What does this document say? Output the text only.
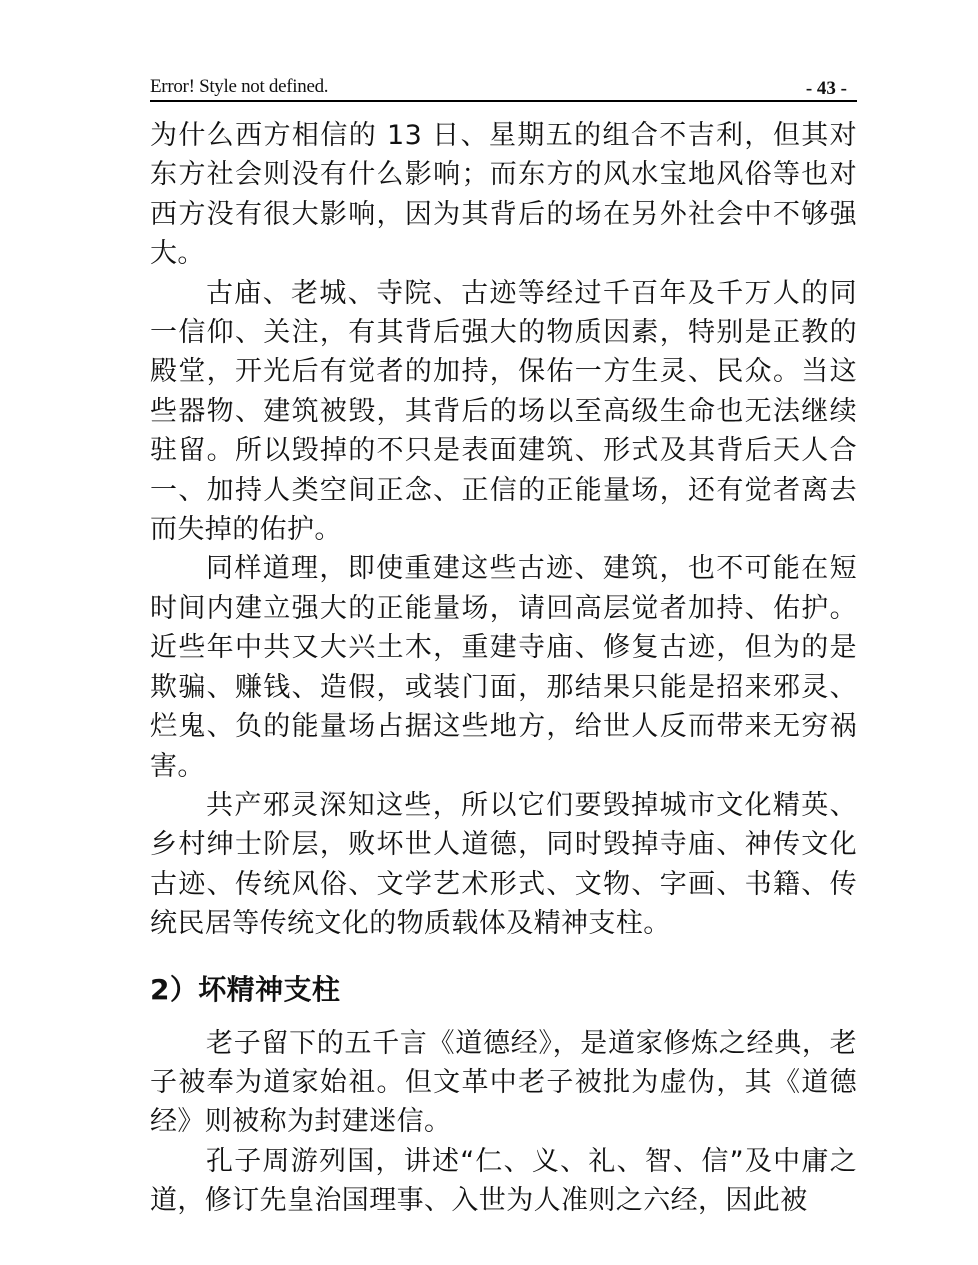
Error! Style not defined.	- 43 -

为什么西方相信的 13 日、星期五的组合不吉利，但其对东方社会则没有什么影响；而东方的风水宝地风俗等也对西方没有很大影响，因为其背后的场在另外社会中不够强大。

古庙、老城、寺院、古迹等经过千百年及千万人的同一信仰、关注，有其背后强大的物质因素，特别是正教的殿堂，开光后有觉者的加持，保佑一方生灵、民众。当这些器物、建筑被毁，其背后的场以至高级生命也无法继续驻留。所以毁掉的不只是表面建筑、形式及其背后天人合一、加持人类空间正念、正信的正能量场，还有觉者离去而失掉的佑护。

同样道理，即使重建这些古迹、建筑，也不可能在短时间内建立强大的正能量场，请回高层觉者加持、佑护。近些年中共又大兴土木，重建寺庙、修复古迹，但为的是欺骗、赚钱、造假，或装门面，那结果只能是招来邪灵、烂鬼、负的能量场占据这些地方，给世人反而带来无穷祸害。

共产邪灵深知这些，所以它们要毁掉城市文化精英、乡村绅士阶层，败坏世人道德，同时毁掉寺庙、神传文化古迹、传统风俗、文学艺术形式、文物、字画、书籍、传统民居等传统文化的物质载体及精神支柱。

2）坏精神支柱

老子留下的五千言《道德经》，是道家修炼之经典，老子被奉为道家始祖。但文革中老子被批为虚伪，其《道德经》则被称为封建迷信。

孔子周游列国，讲述“仁、义、礼、智、信”及中庸之道，修订先皇治国理事、入世为人准则之六经，因此被
